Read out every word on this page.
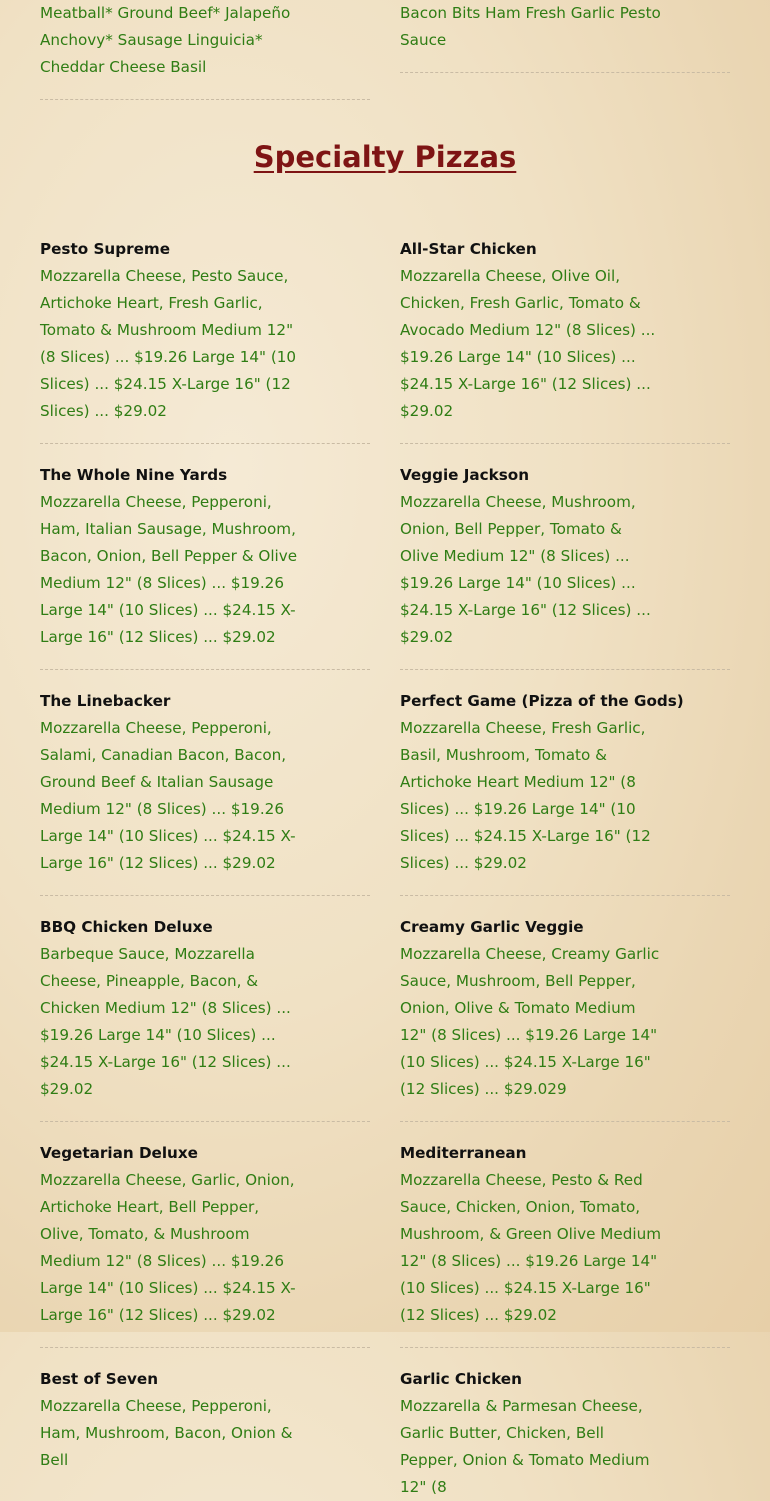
Meatball* Ground Beef* Jalapeño Anchovy* Sausage Linguicia* Cheddar Cheese Basil

Bacon Bits Ham Fresh Garlic Pesto Sauce

Specialty Pizzas

Pesto Supreme

Mozzarella Cheese, Pesto Sauce, Artichoke Heart, Fresh Garlic, Tomato & Mushroom Medium 12" (8 Slices) ... $19.26 Large 14" (10 Slices) ... $24.15 X-Large 16" (12 Slices) ... $29.02

The Whole Nine Yards

Mozzarella Cheese, Pepperoni, Ham, Italian Sausage, Mushroom, Bacon, Onion, Bell Pepper & Olive Medium 12" (8 Slices) ... $19.26 Large 14" (10 Slices) ... $24.15 X-Large 16" (12 Slices) ... $29.02

The Linebacker

Mozzarella Cheese, Pepperoni, Salami, Canadian Bacon, Bacon, Ground Beef & Italian Sausage Medium 12" (8 Slices) ... $19.26 Large 14" (10 Slices) ... $24.15 X-Large 16" (12 Slices) ... $29.02

BBQ Chicken Deluxe

Barbeque Sauce, Mozzarella Cheese, Pineapple, Bacon, & Chicken Medium 12" (8 Slices) ... $19.26 Large 14" (10 Slices) ... $24.15 X-Large 16" (12 Slices) ... $29.02

Vegetarian Deluxe

Mozzarella Cheese, Garlic, Onion, Artichoke Heart, Bell Pepper, Olive, Tomato, & Mushroom Medium 12" (8 Slices) ... $19.26 Large 14" (10 Slices) ... $24.15 X-Large 16" (12 Slices) ... $29.02

Best of Seven

Mozzarella Cheese, Pepperoni, Ham, Mushroom, Bacon, Onion & Bell

All-Star Chicken

Mozzarella Cheese, Olive Oil, Chicken, Fresh Garlic, Tomato & Avocado Medium 12" (8 Slices) ... $19.26 Large 14" (10 Slices) ... $24.15 X-Large 16" (12 Slices) ... $29.02

Veggie Jackson

Mozzarella Cheese, Mushroom, Onion, Bell Pepper, Tomato & Olive Medium 12" (8 Slices) ... $19.26 Large 14" (10 Slices) ... $24.15 X-Large 16" (12 Slices) ... $29.02

Perfect Game (Pizza of the Gods)

Mozzarella Cheese, Fresh Garlic, Basil, Mushroom, Tomato & Artichoke Heart Medium 12" (8 Slices) ... $19.26 Large 14" (10 Slices) ... $24.15 X-Large 16" (12 Slices) ... $29.02

Creamy Garlic Veggie

Mozzarella Cheese, Creamy Garlic Sauce, Mushroom, Bell Pepper, Onion, Olive & Tomato Medium 12" (8 Slices) ... $19.26 Large 14" (10 Slices) ... $24.15 X-Large 16" (12 Slices) ... $29.029

Mediterranean

Mozzarella Cheese, Pesto & Red Sauce, Chicken, Onion, Tomato, Mushroom, & Green Olive Medium 12" (8 Slices) ... $19.26 Large 14" (10 Slices) ... $24.15 X-Large 16" (12 Slices) ... $29.02

Garlic Chicken

Mozzarella & Parmesan Cheese, Garlic Butter, Chicken, Bell Pepper, Onion & Tomato Medium 12" (8
